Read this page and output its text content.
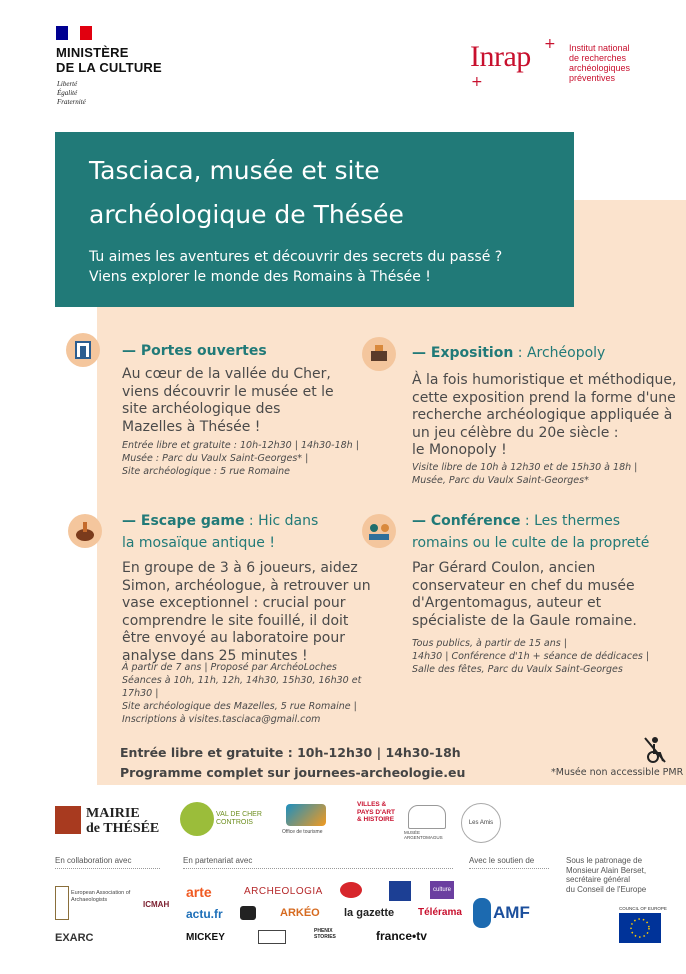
MINISTÈRE
DE LA CULTURE
Liberté
Égalité
Fraternité
Inrap +
+
Institut national
de recherches
archéologiques
préventives
Tasciaca, musée et site
archéologique de Thésée
Tu aimes les aventures et découvrir des secrets du passé ?
Viens explorer le monde des Romains à Thésée !
— Portes ouvertes
Au cœur de la vallée du Cher,
viens découvrir le musée et le
site archéologique des
Mazelles à Thésée !
Entrée libre et gratuite : 10h-12h30 | 14h30-18h |
Musée : Parc du Vaulx Saint-Georges* |
Site archéologique : 5 rue Romaine
— Exposition : Archéopoly
À la fois humoristique et méthodique,
cette exposition prend la forme d'une
recherche archéologique appliquée à
un jeu célèbre du 20e siècle :
le Monopoly !
Visite libre de 10h à 12h30 et de 15h30 à 18h |
Musée, Parc du Vaulx Saint-Georges*
— Escape game : Hic dans
la mosaïque antique !
En groupe de 3 à 6 joueurs, aidez
Simon, archéologue, à retrouver un
vase exceptionnel : crucial pour
comprendre le site fouillé, il doit
être envoyé au laboratoire pour
analyse dans 25 minutes !
À partir de 7 ans | Proposé par ArchéoLoches
Séances à 10h, 11h, 12h, 14h30, 15h30, 16h30 et 17h30 |
Site archéologique des Mazelles, 5 rue Romaine |
Inscriptions à visites.tasciaca@gmail.com
— Conférence : Les thermes
romains ou le culte de la propreté
Par Gérard Coulon, ancien
conservateur en chef du musée
d'Argentomagus, auteur et
spécialiste de la Gaule romaine.
Tous publics, à partir de 15 ans |
14h30 | Conférence d'1h + séance de dédicaces |
Salle des fêtes, Parc du Vaulx Saint-Georges
Entrée libre et gratuite : 10h-12h30 | 14h30-18h
Programme complet sur journees-archeologie.eu	*Musée non accessible PMR
MAIRIE
de THÉSÉE
VAL DE CHER CONTROIS
Office de tourisme
VILLES & PAYS D'ART & HISTOIRE
MUSÉE ARGENTOMAGUS
Les Amis
En collaboration avec	En partenariat avec	Avec le soutien de	Sous le patronage de
Monsieur Alain Berset,
secrétaire général
du Conseil de l'Europe
European Association of Archaeologists	ICMAH
EXARC
arte	ARCHEOLOGIA	culture
actu.fr	ARKÉO la gazette Télérama
MICKEY
PHENIX STORIES	france•tv
AMF	COUNCIL OF EUROPE
